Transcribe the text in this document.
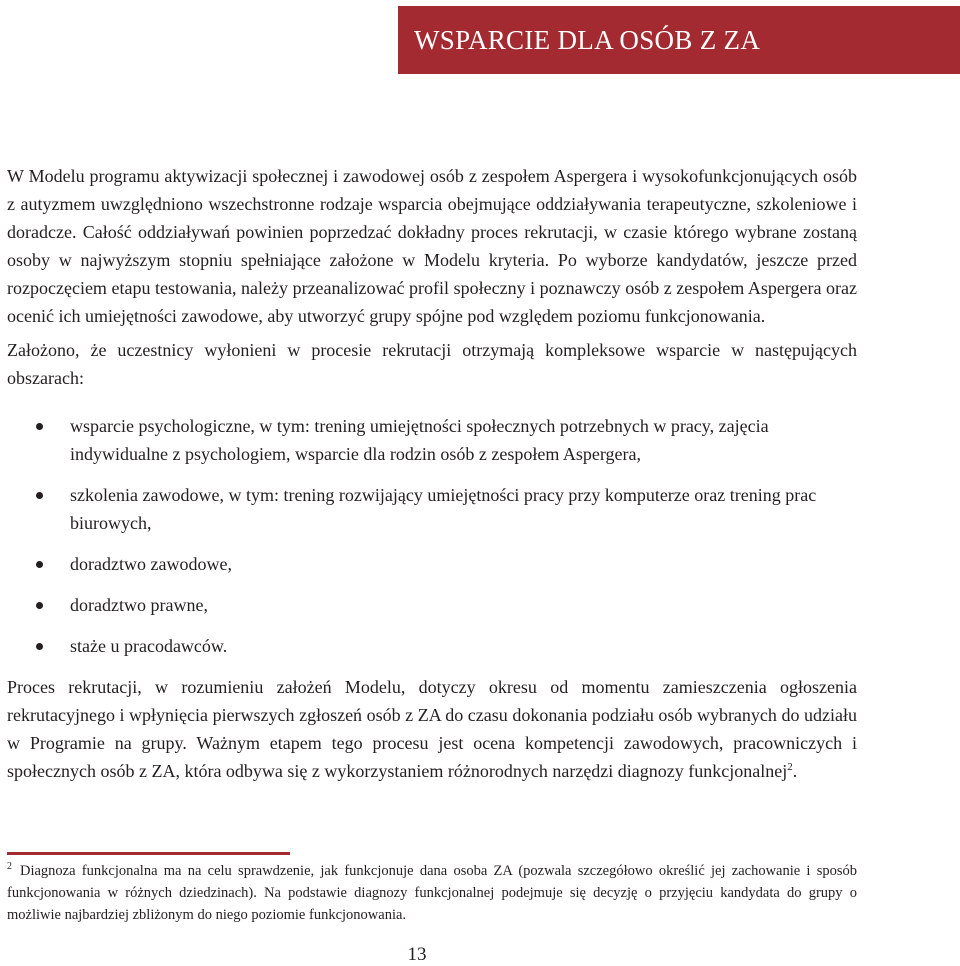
WSPARCIE DLA OSÓB Z ZA

W Modelu programu aktywizacji społecznej i zawodowej osób z zespołem Aspergera i wysokofunkcjonujących osób z autyzmem uwzględniono wszechstronne rodzaje wsparcia obejmujące oddziaływania terapeutyczne, szkoleniowe i doradcze. Całość oddziaływań powinien poprzedzać dokładny proces rekrutacji, w czasie którego wybrane zostaną osoby w najwyższym stopniu spełniające założone w Modelu kryteria. Po wyborze kandydatów, jeszcze przed rozpoczęciem etapu testowania, należy przeanalizować profil społeczny i poznawczy osób z zespołem Aspergera oraz ocenić ich umiejętności zawodowe, aby utworzyć grupy spójne pod względem poziomu funkcjonowania.

Założono, że uczestnicy wyłonieni w procesie rekrutacji otrzymają kompleksowe wsparcie w następujących obszarach:

wsparcie psychologiczne, w tym: trening umiejętności społecznych potrzebnych w pracy, zajęcia indywidualne z psychologiem, wsparcie dla rodzin osób z zespołem Aspergera,
szkolenia zawodowe, w tym: trening rozwijający umiejętności pracy przy komputerze oraz trening prac biurowych,
doradztwo zawodowe,
doradztwo prawne,
staże u pracodawców.

Proces rekrutacji, w rozumieniu założeń Modelu, dotyczy okresu od momentu zamieszczenia ogłoszenia rekrutacyjnego i wpłynięcia pierwszych zgłoszeń osób z ZA do czasu dokonania podziału osób wybranych do udziału w Programie na grupy. Ważnym etapem tego procesu jest ocena kompetencji zawodowych, pracowniczych i społecznych osób z ZA, która odbywa się z wykorzystaniem różnorodnych narzędzi diagnozy funkcjonalnej$^2$.

$^2$ Diagnoza funkcjonalna ma na celu sprawdzenie, jak funkcjonuje dana osoba ZA (pozwala szczegółowo określić jej zachowanie i sposób funkcjonowania w różnych dziedzinach). Na podstawie diagnozy funkcjonalnej podejmuje się decyzję o przyjęciu kandydata do grupy o możliwie najbardziej zbliżonym do niego poziomie funkcjonowania.
13
